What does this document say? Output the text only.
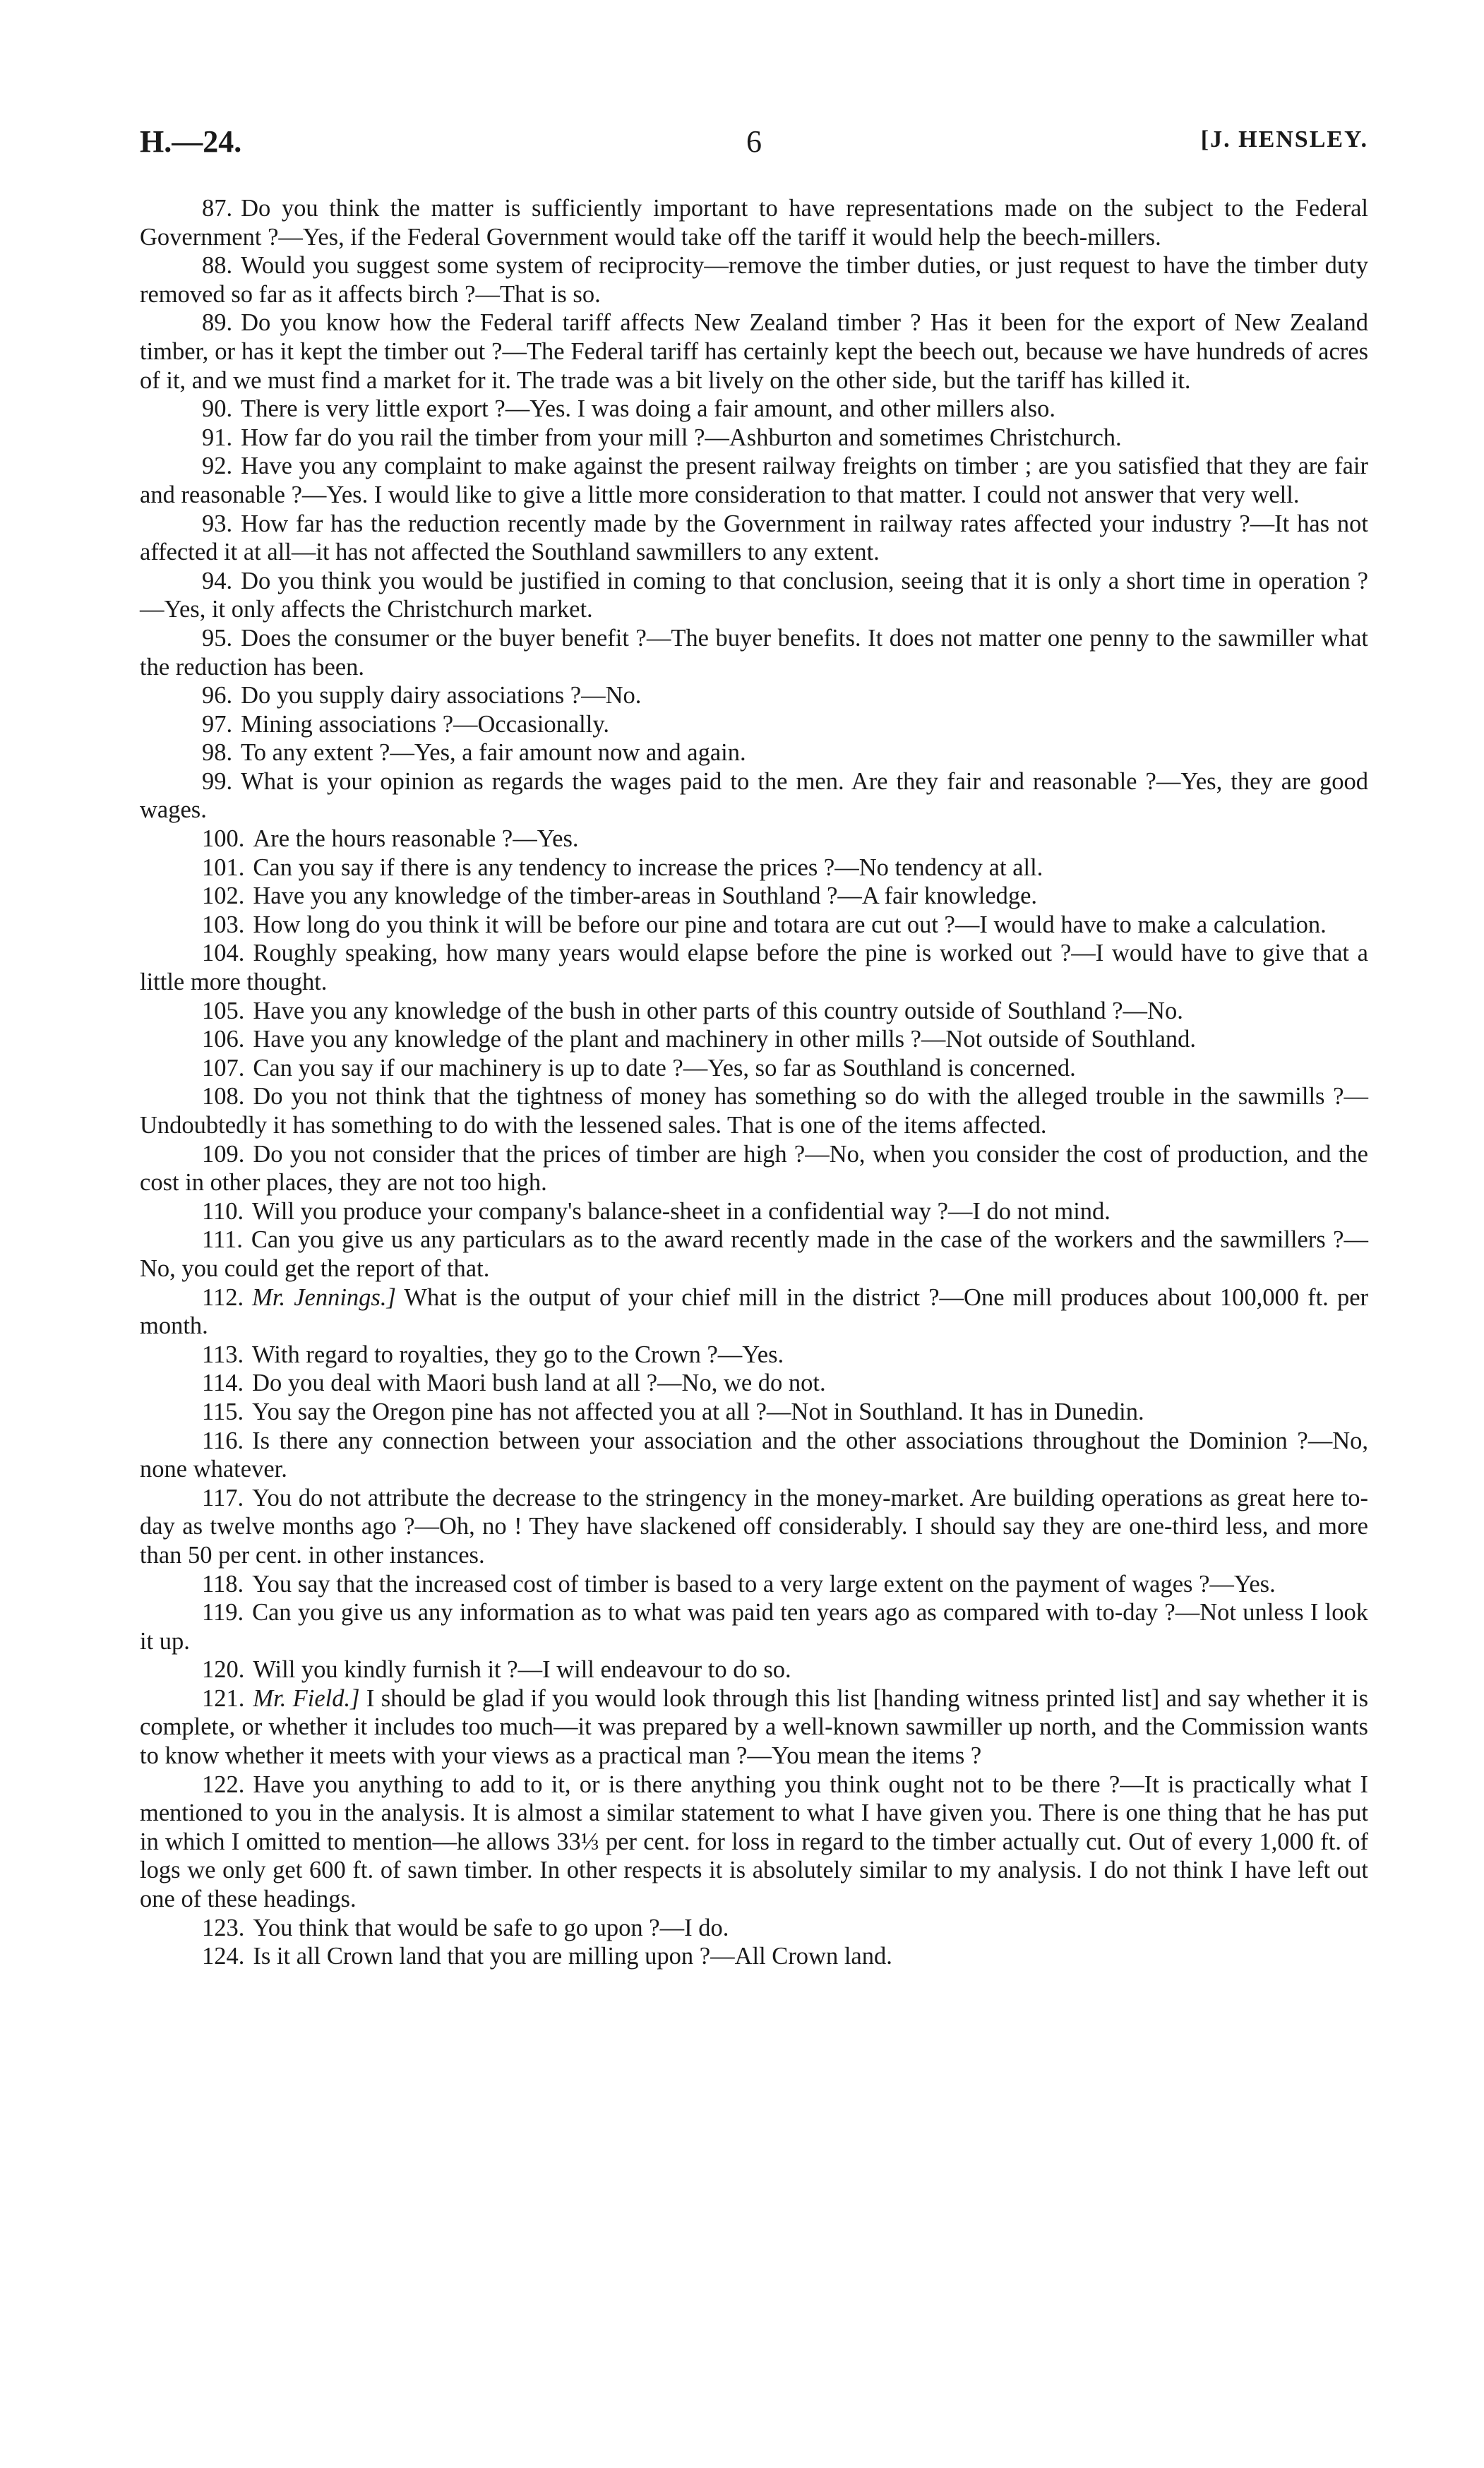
H.—24.	6	[J. HENSLEY.

87. Do you think the matter is sufficiently important to have representations made on the subject to the Federal Government ?—Yes, if the Federal Government would take off the tariff it would help the beech-millers.

88. Would you suggest some system of reciprocity—remove the timber duties, or just request to have the timber duty removed so far as it affects birch ?—That is so.

89. Do you know how the Federal tariff affects New Zealand timber ? Has it been for the export of New Zealand timber, or has it kept the timber out ?—The Federal tariff has certainly kept the beech out, because we have hundreds of acres of it, and we must find a market for it. The trade was a bit lively on the other side, but the tariff has killed it.

90. There is very little export ?—Yes. I was doing a fair amount, and other millers also.

91. How far do you rail the timber from your mill ?—Ashburton and sometimes Christchurch.

92. Have you any complaint to make against the present railway freights on timber ; are you satisfied that they are fair and reasonable ?—Yes. I would like to give a little more consideration to that matter. I could not answer that very well.

93. How far has the reduction recently made by the Government in railway rates affected your industry ?—It has not affected it at all—it has not affected the Southland sawmillers to any extent.

94. Do you think you would be justified in coming to that conclusion, seeing that it is only a short time in operation ?—Yes, it only affects the Christchurch market.

95. Does the consumer or the buyer benefit ?—The buyer benefits. It does not matter one penny to the sawmiller what the reduction has been.

96. Do you supply dairy associations ?—No.

97. Mining associations ?—Occasionally.

98. To any extent ?—Yes, a fair amount now and again.

99. What is your opinion as regards the wages paid to the men. Are they fair and reasonable ?—Yes, they are good wages.

100. Are the hours reasonable ?—Yes.

101. Can you say if there is any tendency to increase the prices ?—No tendency at all.

102. Have you any knowledge of the timber-areas in Southland ?—A fair knowledge.

103. How long do you think it will be before our pine and totara are cut out ?—I would have to make a calculation.

104. Roughly speaking, how many years would elapse before the pine is worked out ?—I would have to give that a little more thought.

105. Have you any knowledge of the bush in other parts of this country outside of Southland ?—No.

106. Have you any knowledge of the plant and machinery in other mills ?—Not outside of Southland.

107. Can you say if our machinery is up to date ?—Yes, so far as Southland is concerned.

108. Do you not think that the tightness of money has something so do with the alleged trouble in the sawmills ?—Undoubtedly it has something to do with the lessened sales. That is one of the items affected.

109. Do you not consider that the prices of timber are high ?—No, when you consider the cost of production, and the cost in other places, they are not too high.

110. Will you produce your company's balance-sheet in a confidential way ?—I do not mind.

111. Can you give us any particulars as to the award recently made in the case of the workers and the sawmillers ?—No, you could get the report of that.

112. Mr. Jennings.] What is the output of your chief mill in the district ?—One mill produces about 100,000 ft. per month.

113. With regard to royalties, they go to the Crown ?—Yes.

114. Do you deal with Maori bush land at all ?—No, we do not.

115. You say the Oregon pine has not affected you at all ?—Not in Southland. It has in Dunedin.

116. Is there any connection between your association and the other associations throughout the Dominion ?—No, none whatever.

117. You do not attribute the decrease to the stringency in the money-market. Are building operations as great here to-day as twelve months ago ?—Oh, no ! They have slackened off considerably. I should say they are one-third less, and more than 50 per cent. in other instances.

118. You say that the increased cost of timber is based to a very large extent on the payment of wages ?—Yes.

119. Can you give us any information as to what was paid ten years ago as compared with to-day ?—Not unless I look it up.

120. Will you kindly furnish it ?—I will endeavour to do so.

121. Mr. Field.] I should be glad if you would look through this list [handing witness printed list] and say whether it is complete, or whether it includes too much—it was prepared by a well-known sawmiller up north, and the Commission wants to know whether it meets with your views as a practical man ?—You mean the items ?

122. Have you anything to add to it, or is there anything you think ought not to be there ?—It is practically what I mentioned to you in the analysis. It is almost a similar statement to what I have given you. There is one thing that he has put in which I omitted to mention—he allows 33⅓ per cent. for loss in regard to the timber actually cut. Out of every 1,000 ft. of logs we only get 600 ft. of sawn timber. In other respects it is absolutely similar to my analysis. I do not think I have left out one of these headings.

123. You think that would be safe to go upon ?—I do.

124. Is it all Crown land that you are milling upon ?—All Crown land.
